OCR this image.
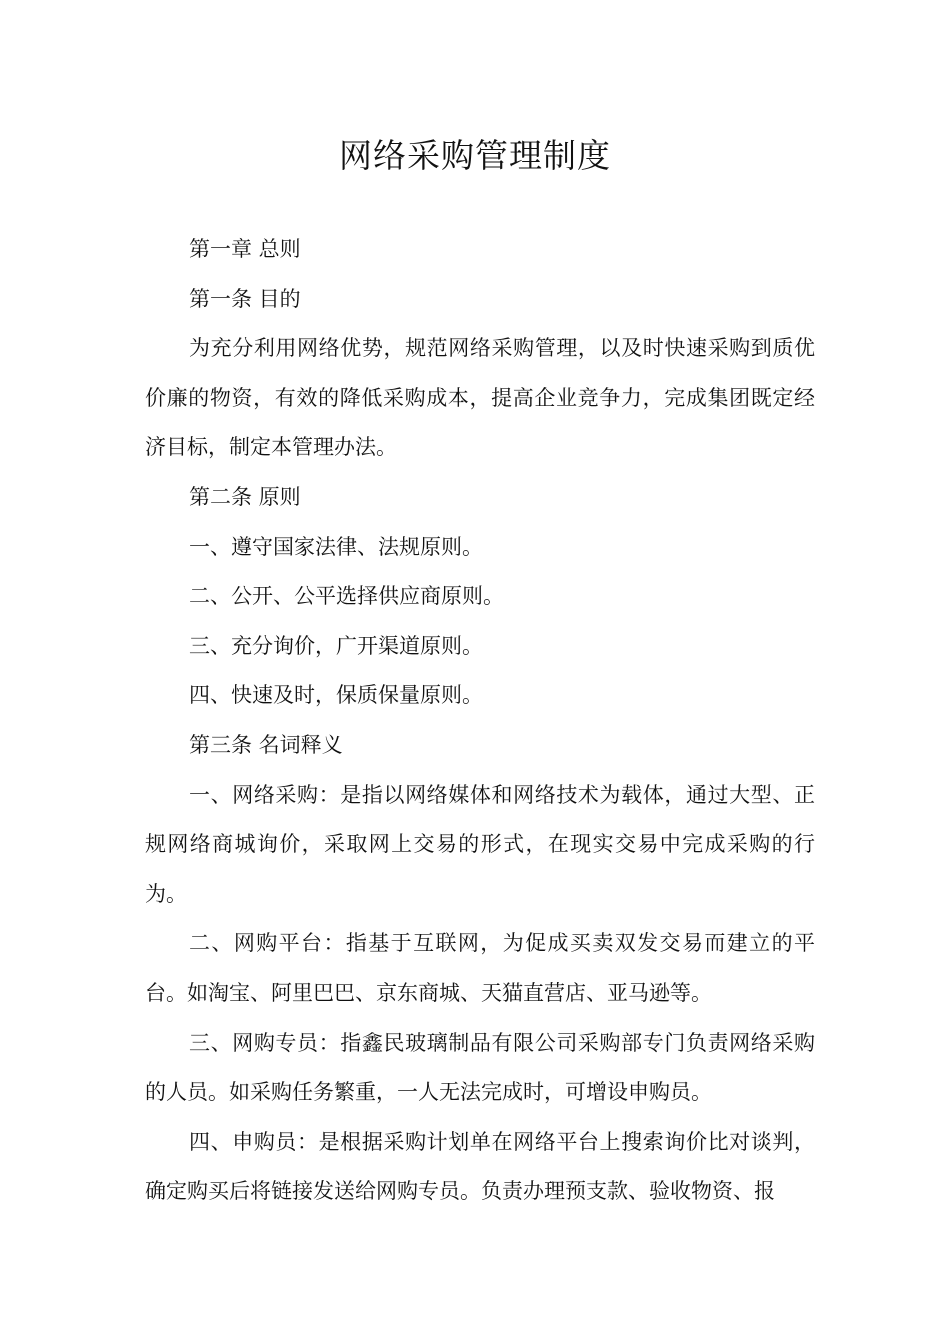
网络采购管理制度

第一章 总则

第一条 目的

为充分利用网络优势，规范网络采购管理，以及时快速采购到质优价廉的物资，有效的降低采购成本，提高企业竞争力，完成集团既定经济目标，制定本管理办法。

第二条 原则

一、遵守国家法律、法规原则。

二、公开、公平选择供应商原则。

三、充分询价，广开渠道原则。

四、快速及时，保质保量原则。

第三条 名词释义

一、网络采购：是指以网络媒体和网络技术为载体，通过大型、正规网络商城询价，采取网上交易的形式，在现实交易中完成采购的行为。

二、网购平台：指基于互联网，为促成买卖双发交易而建立的平台。如淘宝、阿里巴巴、京东商城、天猫直营店、亚马逊等。

三、网购专员：指鑫民玻璃制品有限公司采购部专门负责网络采购的人员。如采购任务繁重，一人无法完成时，可增设申购员。

四、申购员：是根据采购计划单在网络平台上搜索询价比对谈判，确定购买后将链接发送给网购专员。负责办理预支款、验收物资、报
